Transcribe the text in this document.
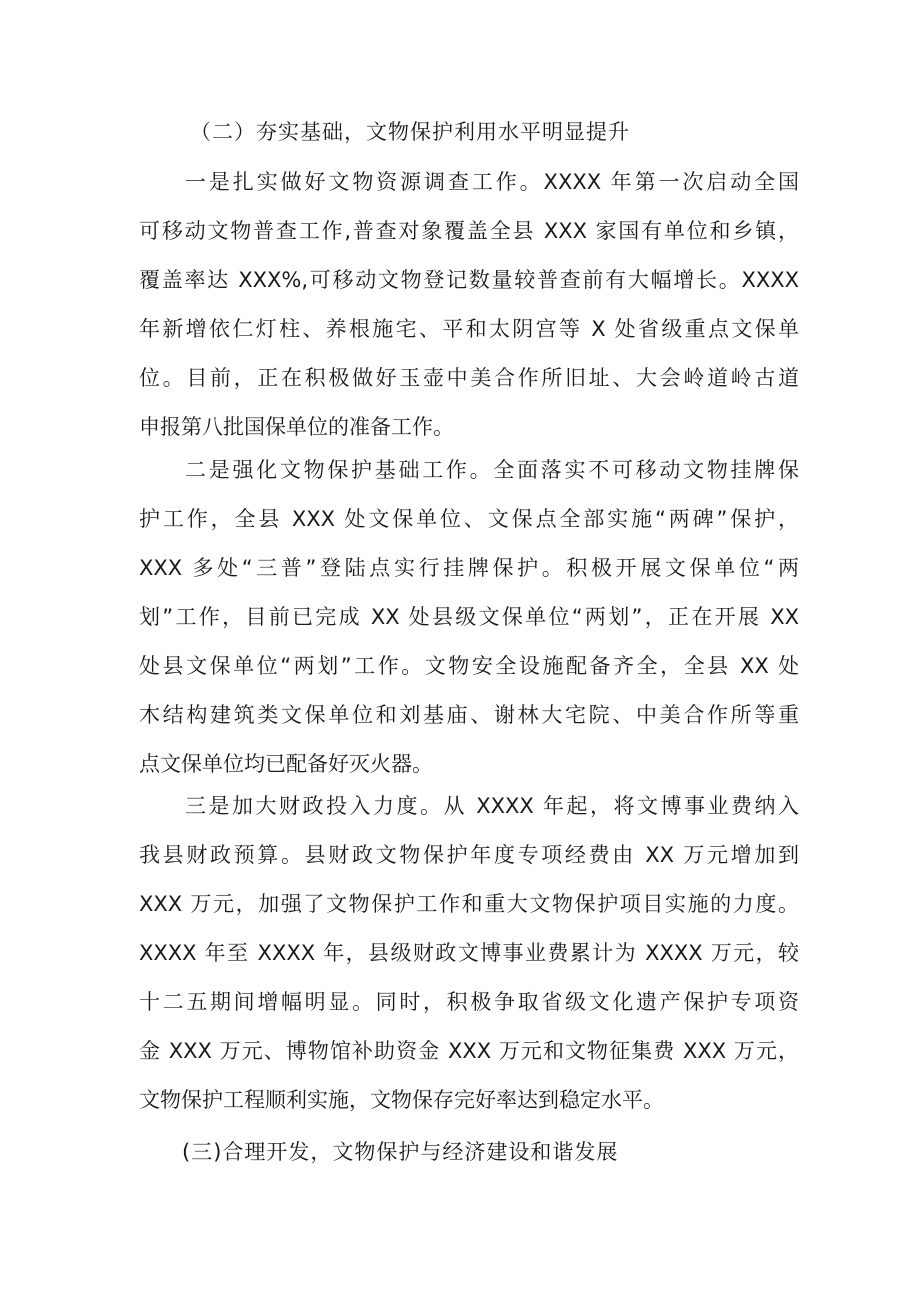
（二）夯实基础，文物保护利用水平明显提升
一是扎实做好文物资源调查工作。XXXX 年第一次启动全国
可移动文物普查工作,普查对象覆盖全县 XXX 家国有单位和乡镇，
覆盖率达 XXX%,可移动文物登记数量较普查前有大幅增长。XXXX
年新增依仁灯柱、养根施宅、平和太阴宫等 X 处省级重点文保单
位。目前，正在积极做好玉壶中美合作所旧址、大会岭道岭古道
申报第八批国保单位的准备工作。
二是强化文物保护基础工作。全面落实不可移动文物挂牌保
护工作，全县 XXX 处文保单位、文保点全部实施“两碑”保护，
XXX 多处“三普”登陆点实行挂牌保护。积极开展文保单位“两
划”工作，目前已完成 XX 处县级文保单位“两划”，正在开展 XX
处县文保单位“两划”工作。文物安全设施配备齐全，全县 XX 处
木结构建筑类文保单位和刘基庙、谢林大宅院、中美合作所等重
点文保单位均已配备好灭火器。
三是加大财政投入力度。从 XXXX 年起，将文博事业费纳入
我县财政预算。县财政文物保护年度专项经费由 XX 万元增加到
XXX 万元，加强了文物保护工作和重大文物保护项目实施的力度。
XXXX 年至 XXXX 年，县级财政文博事业费累计为 XXXX 万元，较
十二五期间增幅明显。同时，积极争取省级文化遗产保护专项资
金 XXX 万元、博物馆补助资金 XXX 万元和文物征集费 XXX 万元，
文物保护工程顺利实施，文物保存完好率达到稳定水平。
(三)合理开发，文物保护与经济建设和谐发展
